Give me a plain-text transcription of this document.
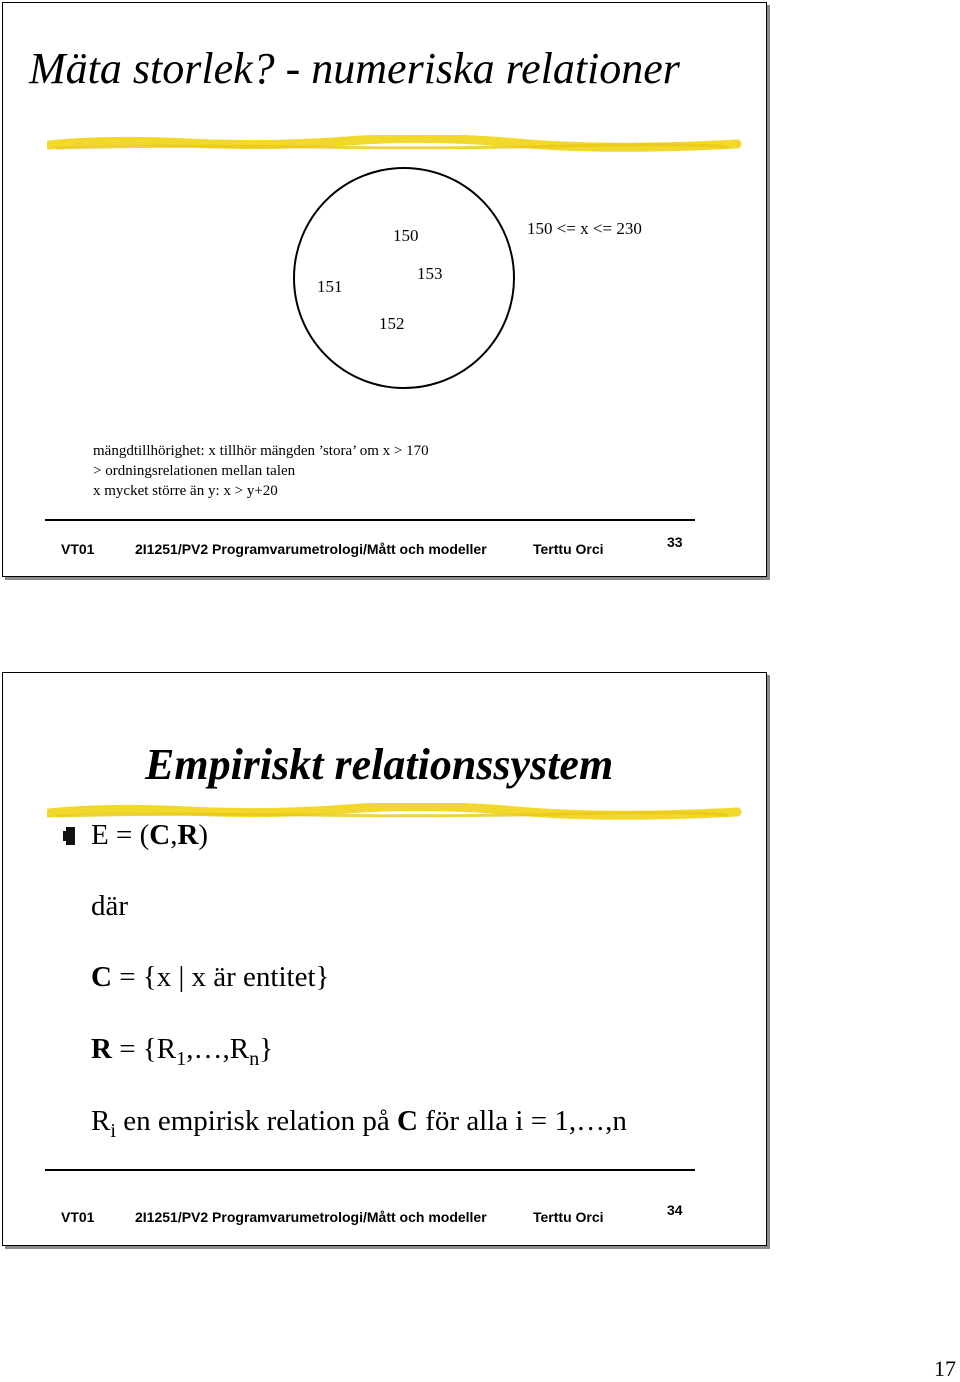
Mäta storlek? - numeriska relationer
150
151
153
152
150 <= x <= 230
mängdtillhörighet: x tillhör mängden ’stora’ om x > 170
> ordningsrelationen mellan talen
x mycket större än y: x > y+20
VT01	2I1251/PV2 Programvarumetrologi/Mått och modeller	Terttu Orci	33
Empiriskt relationssystem
E = (C,R)
där
C = {x | x är entitet}
$R = \{R_1,\dots,R_n\}$
$R_i$ en empirisk relation på C för alla i = 1,…,n
VT01	2I1251/PV2 Programvarumetrologi/Mått och modeller	Terttu Orci	34
17
